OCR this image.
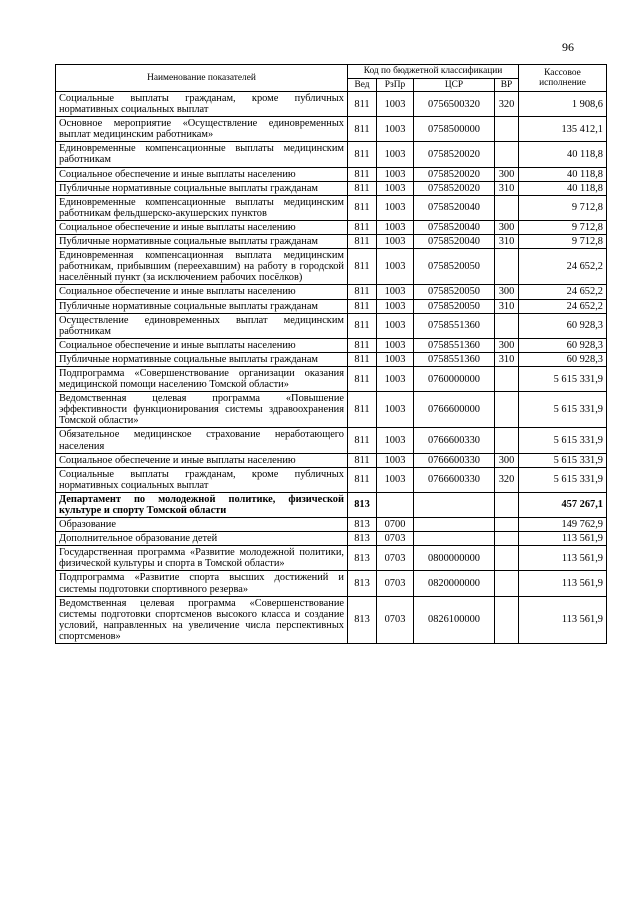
96
Наименование показателей	Код по бюджетной классификации				Кассовое исполнение
	Вед	РзПр	ЦСР	ВР	
Социальные выплаты гражданам, кроме публичных нормативных социальных выплат	811	1003	0756500320	320	1 908,6
Основное мероприятие «Осуществление единовременных выплат медицинским работникам»	811	1003	0758500000		135 412,1
Единовременные компенсационные выплаты медицинским работникам	811	1003	0758520020		40 118,8
Социальное обеспечение и иные выплаты населению	811	1003	0758520020	300	40 118,8
Публичные нормативные социальные выплаты гражданам	811	1003	0758520020	310	40 118,8
Единовременные компенсационные выплаты медицинским работникам фельдшерско-акушерских пунктов	811	1003	0758520040		9 712,8
Социальное обеспечение и иные выплаты населению	811	1003	0758520040	300	9 712,8
Публичные нормативные социальные выплаты гражданам	811	1003	0758520040	310	9 712,8
Единовременная компенсационная выплата медицинским работникам, прибывшим (переехавшим) на работу в городской населённый пункт (за исключением рабочих посёлков)	811	1003	0758520050		24 652,2
Социальное обеспечение и иные выплаты населению	811	1003	0758520050	300	24 652,2
Публичные нормативные социальные выплаты гражданам	811	1003	0758520050	310	24 652,2
Осуществление единовременных выплат медицинским работникам	811	1003	0758551360		60 928,3
Социальное обеспечение и иные выплаты населению	811	1003	0758551360	300	60 928,3
Публичные нормативные социальные выплаты гражданам	811	1003	0758551360	310	60 928,3
Подпрограмма «Совершенствование организации оказания медицинской помощи населению Томской области»	811	1003	0760000000		5 615 331,9
Ведомственная целевая программа «Повышение эффективности функционирования системы здравоохранения Томской области»	811	1003	0766600000		5 615 331,9
Обязательное медицинское страхование неработающего населения	811	1003	0766600330		5 615 331,9
Социальное обеспечение и иные выплаты населению	811	1003	0766600330	300	5 615 331,9
Социальные выплаты гражданам, кроме публичных нормативных социальных выплат	811	1003	0766600330	320	5 615 331,9
Департамент по молодежной политике, физической культуре и спорту Томской области	813				457 267,1
Образование	813	0700			149 762,9
Дополнительное образование детей	813	0703			113 561,9
Государственная программа «Развитие молодежной политики, физической культуры и спорта в Томской области»	813	0703	0800000000		113 561,9
Подпрограмма «Развитие спорта высших достижений и системы подготовки спортивного резерва»	813	0703	0820000000		113 561,9
Ведомственная целевая программа «Совершенствование системы подготовки спортсменов высокого класса и создание условий, направленных на увеличение числа перспективных спортсменов»	813	0703	0826100000		113 561,9
